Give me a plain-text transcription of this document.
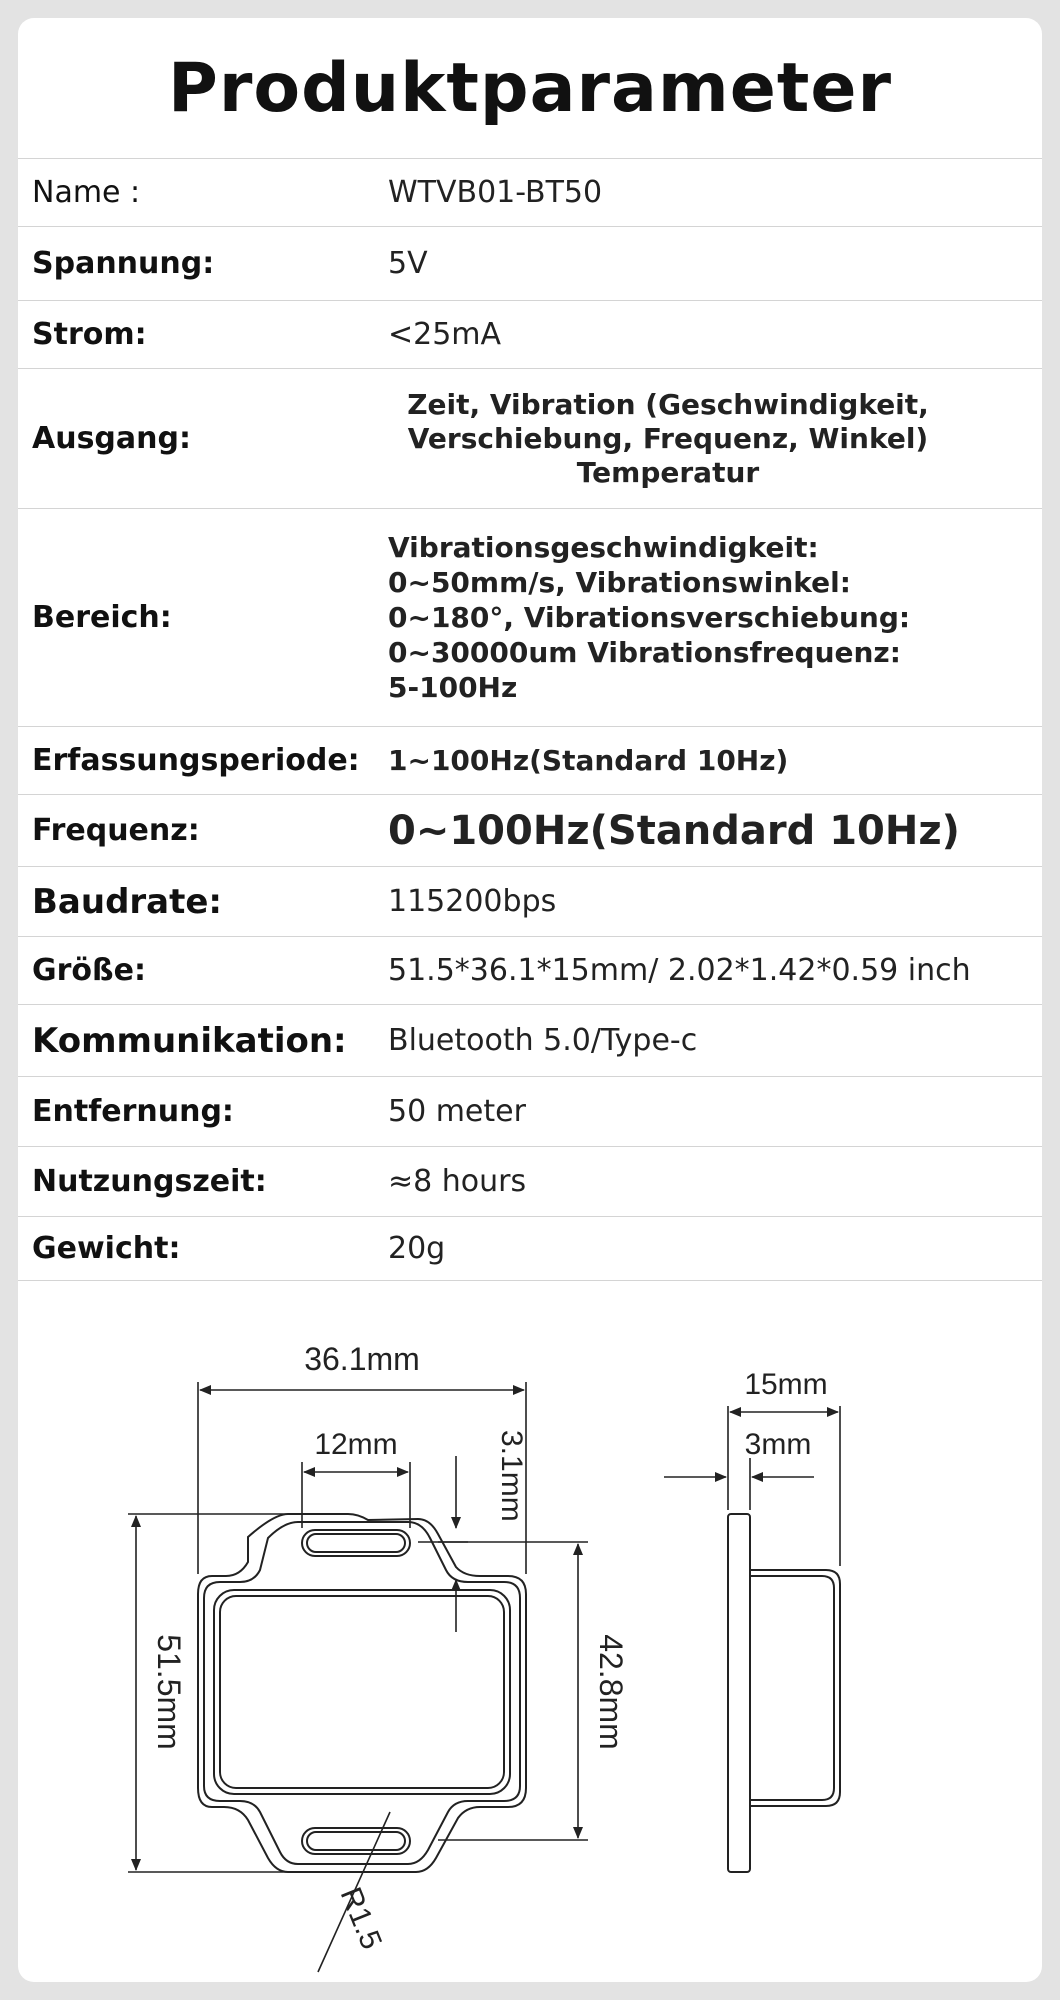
Produktparameter
Name :	WTVB01-BT50
Spannung:	5V
Strom:	<25mA
Ausgang:
Zeit, Vibration (Geschwindigkeit,
Verschiebung, Frequenz, Winkel)
Temperatur
Bereich:
Vibrationsgeschwindigkeit:
0~50mm/s, Vibrationswinkel:
0~180°, Vibrationsverschiebung:
0~30000um Vibrationsfrequenz:
5-100Hz
Erfassungsperiode: 1~100Hz(Standard 10Hz)
Frequenz:	0~100Hz(Standard 10Hz)
Baudrate:	115200bps
Größe:	51.5*36.1*15mm/ 2.02*1.42*0.59 inch
Kommunikation: Bluetooth 5.0/Type-c
Entfernung:	50 meter
Nutzungszeit:	≈8 hours
Gewicht:	20g
36.1mm
12mm	3.1mm
51.5mm	42.8mm
R1.5
15mm
3mm
